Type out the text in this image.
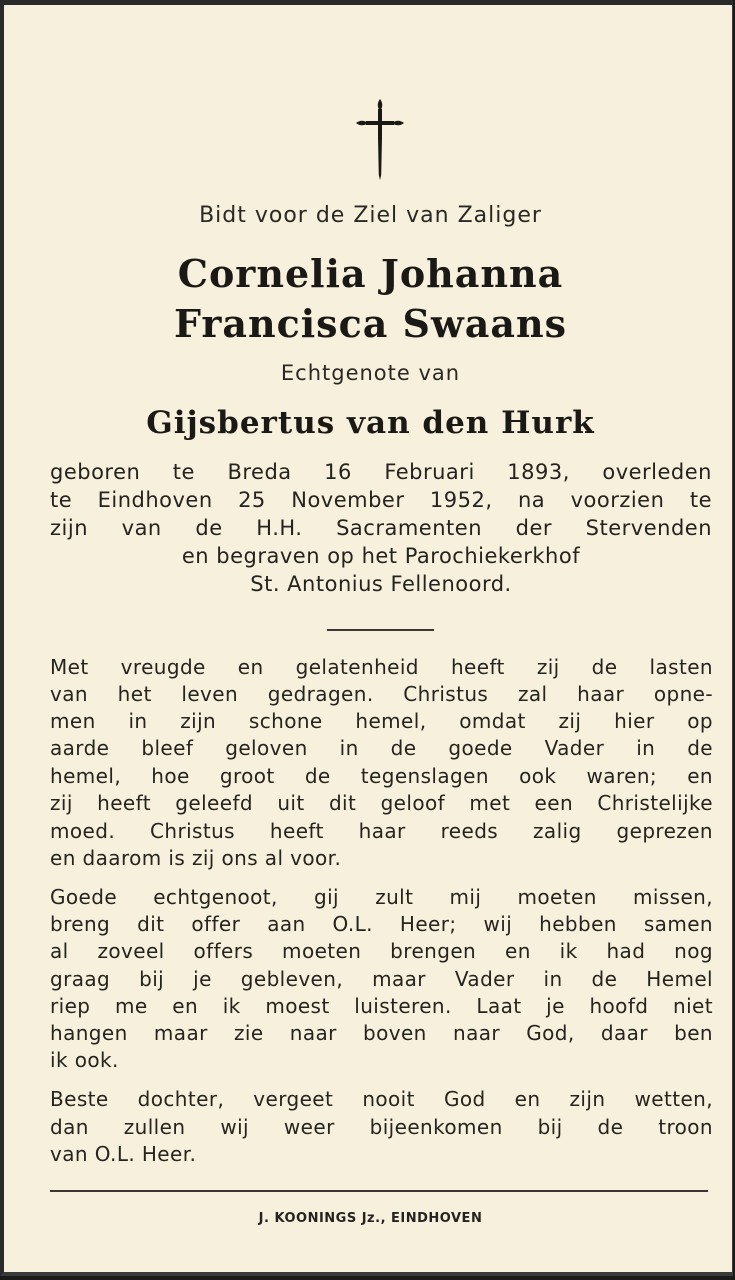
Bidt voor de Ziel van Zaliger
Cornelia Johanna
Francisca Swaans
Echtgenote van
Gijsbertus van den Hurk
geboren te Breda 16 Februari 1893, overleden
te Eindhoven 25 November 1952, na voorzien te
zijn van de H.H. Sacramenten der Stervenden
en begraven op het Parochiekerkhof
St. Antonius Fellenoord.
Met vreugde en gelatenheid heeft zij de lasten
van het leven gedragen. Christus zal haar opne-
men in zijn schone hemel, omdat zij hier op
aarde bleef geloven in de goede Vader in de
hemel, hoe groot de tegenslagen ook waren; en
zij heeft geleefd uit dit geloof met een Christelijke
moed. Christus heeft haar reeds zalig geprezen
en daarom is zij ons al voor.
Goede echtgenoot, gij zult mij moeten missen,
breng dit offer aan O.L. Heer; wij hebben samen
al zoveel offers moeten brengen en ik had nog
graag bij je gebleven, maar Vader in de Hemel
riep me en ik moest luisteren. Laat je hoofd niet
hangen maar zie naar boven naar God, daar ben
ik ook.
Beste dochter, vergeet nooit God en zijn wetten,
dan zullen wij weer bijeenkomen bij de troon
van O.L. Heer.
J. KOONINGS Jz., EINDHOVEN
